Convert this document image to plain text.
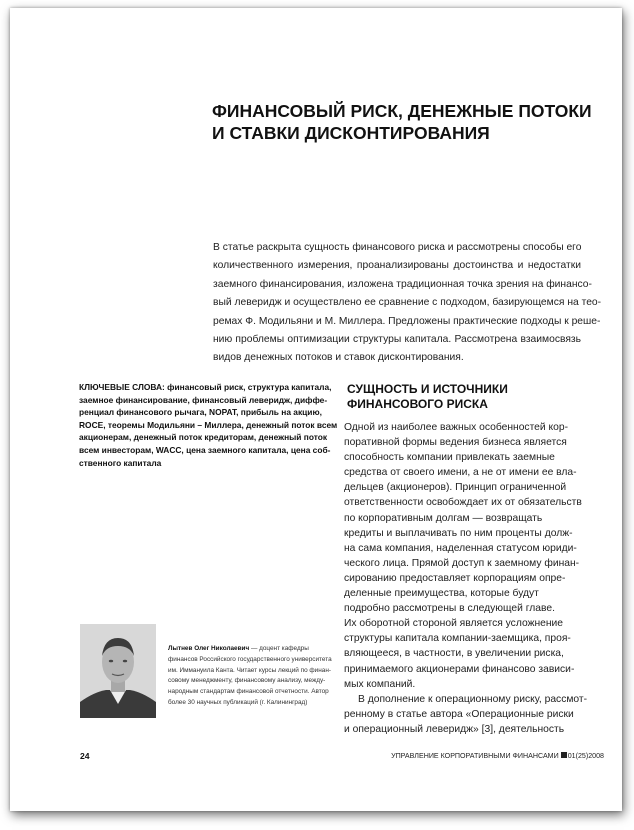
ФИНАНСОВЫЙ РИСК, ДЕНЕЖНЫЕ ПОТОКИ
И СТАВКИ ДИСКОНТИРОВАНИЯ
В статье раскрыта сущность финансового риска и рассмотрены способы его
количественного измерения, проанализированы достоинства и недостатки
заемного финансирования, изложена традиционная точка зрения на финансо-
вый леверидж и осуществлено ее сравнение с подходом, базирующемся на тео-
ремах Ф. Модильяни и М. Миллера. Предложены практические подходы к реше-
нию проблемы оптимизации структуры капитала. Рассмотрена взаимосвязь
видов денежных потоков и ставок дисконтирования.
КЛЮЧЕВЫЕ СЛОВА: финансовый риск, структура капитала,
заемное финансирование, финансовый леверидж, диффе-
ренциал финансового рычага, NOPAT, прибыль на акцию,
ROCE, теоремы Модильяни – Миллера, денежный поток всем
акционерам, денежный поток кредиторам, денежный поток
всем инвесторам, WACC, цена заемного капитала, цена соб-
ственного капитала
СУЩНОСТЬ И ИСТОЧНИКИ
ФИНАНСОВОГО РИСКА
Одной из наиболее важных особенностей кор-
поративной формы ведения бизнеса является
способность компании привлекать заемные
средства от своего имени, а не от имени ее вла-
дельцев (акционеров). Принцип ограниченной
ответственности освобождает их от обязательств
по корпоративным долгам — возвращать
кредиты и выплачивать по ним проценты долж-
на сама компания, наделенная статусом юриди-
ческого лица. Прямой доступ к заемному финан-
сированию предоставляет корпорациям опре-
деленные преимущества, которые будут
подробно рассмотрены в следующей главе.
Их оборотной стороной является усложнение
структуры капитала компании-заемщика, проя-
вляющееся, в частности, в увеличении риска,
принимаемого акционерами финансово зависи-
мых компаний.
В дополнение к операционному риску, рассмот-
ренному в статье автора «Операционные риски
и операционный леверидж» [3], деятельность
Лытнев Олег Николаевич — доцент кафедры
финансов Российского государственного университета
им. Иммануила Канта. Читает курсы лекций по финан-
совому менеджменту, финансовому анализу, между-
народным стандартам финансовой отчетности. Автор
более 30 научных публикаций (г. Калининград)
24	УПРАВЛЕНИЕ КОРПОРАТИВНЫМИ ФИНАНСАМИ 01(25)2008
